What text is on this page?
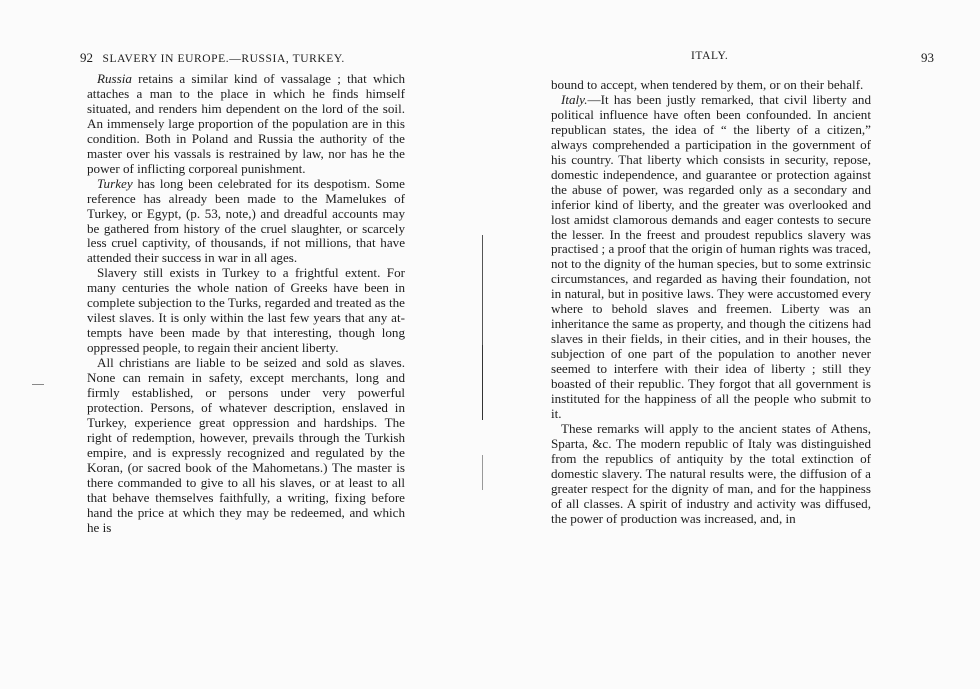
92 SLAVERY IN EUROPE.—RUSSIA, TURKEY.

Russia retains a similar kind of vassalage ; that which attaches a man to the place in which he finds himself situated, and renders him dependent on the lord of the soil. An immensely large proportion of the population are in this condition. Both in Poland and Russia the authority of the master over his vassals is restrained by law, nor has he the power of inflicting corporeal punishment.

Turkey has long been celebrated for its despotism. Some reference has already been made to the Mamelukes of Turkey, or Egypt, (p. 53, note,) and dreadful accounts may be gathered from history of the cruel slaughter, or scarcely less cruel captivity, of thousands, if not millions, that have attended their success in war in all ages.

Slavery still exists in Turkey to a frightful extent. For many centuries the whole nation of Greeks have been in complete subjection to the Turks, regarded and treated as the vilest slaves. It is only within the last few years that any attempts have been made by that interesting, though long oppressed people, to regain their ancient liberty.

All christians are liable to be seized and sold as slaves. None can remain in safety, except merchants, long and firmly established, or persons under very powerful protection. Persons, of whatever description, enslaved in Turkey, experience great oppression and hardships. The right of redemption, however, prevails through the Turkish empire, and is expressly recognized and regulated by the Koran, (or sacred book of the Mahometans.) The master is there commanded to give to all his slaves, or at least to all that behave themselves faithfully, a writing, fixing before hand the price at which they may be redeemed, and which he is

ITALY.	93

bound to accept, when tendered by them, or on their behalf.

Italy.—It has been justly remarked, that civil liberty and political influence have often been confounded. In ancient republican states, the idea of “ the liberty of a citizen,” always comprehended a participation in the government of his country. That liberty which consists in security, repose, domestic independence, and guarantee or protection against the abuse of power, was regarded only as a secondary and inferior kind of liberty, and the greater was overlooked and lost amidst clamorous demands and eager contests to secure the lesser. In the freest and proudest republics slavery was practised ; a proof that the origin of human rights was traced, not to the dignity of the human species, but to some extrinsic circumstances, and regarded as having their foundation, not in natural, but in positive laws. They were accustomed every where to behold slaves and freemen. Liberty was an inheritance the same as property, and though the citizens had slaves in their fields, in their cities, and in their houses, the subjection of one part of the population to another never seemed to interfere with their idea of liberty ; still they boasted of their republic. They forgot that all government is instituted for the happiness of all the people who submit to it.

These remarks will apply to the ancient states of Athens, Sparta, &c. The modern republic of Italy was distinguished from the republics of antiquity by the total extinction of domestic slavery. The natural results were, the diffusion of a greater respect for the dignity of man, and for the happiness of all classes. A spirit of industry and activity was diffused, the power of production was increased, and, in
